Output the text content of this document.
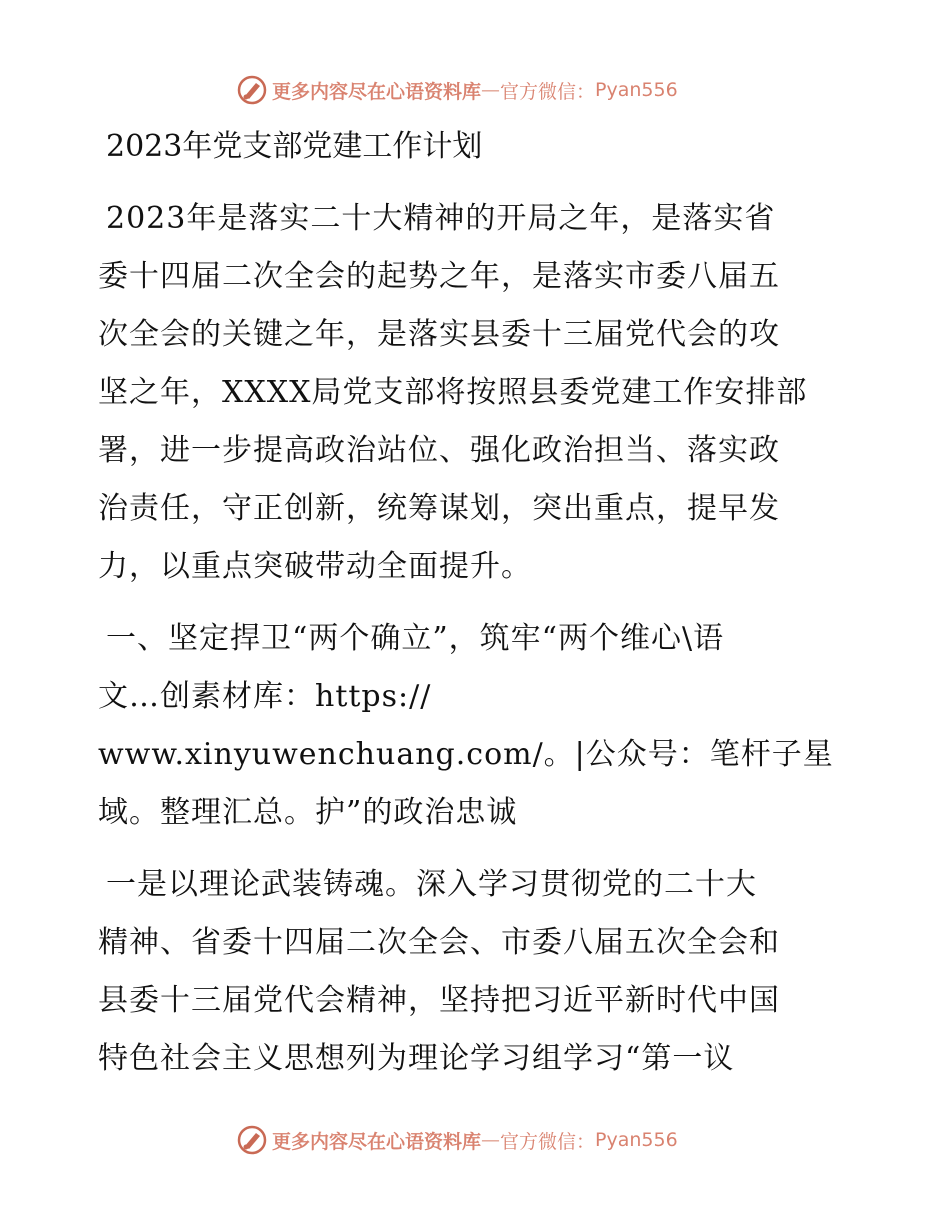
更多内容尽在心语资料库 — 官方微信： Pyan556
2023年党支部党建工作计划

2023年是落实二十大精神的开局之年，是落实省
委十四届二次全会的起势之年，是落实市委八届五
次全会的关键之年，是落实县委十三届党代会的攻
坚之年，XXXX局党支部将按照县委党建工作安排部
署，进一步提高政治站位、强化政治担当、落实政
治责任，守正创新，统筹谋划，突出重点，提早发
力，以重点突破带动全面提升。

一、坚定捍卫“两个确立”，筑牢“两个维心\语
文…创素材库：https://
www.xinyuwenchuang.com/。|公众号：笔杆子星
域。整理汇总。护”的政治忠诚

一是以理论武装铸魂。深入学习贯彻党的二十大
精神、省委十四届二次全会、市委八届五次全会和
县委十三届党代会精神，坚持把习近平新时代中国
特色社会主义思想列为理论学习组学习“第一议

更多内容尽在心语资料库 — 官方微信： Pyan556
